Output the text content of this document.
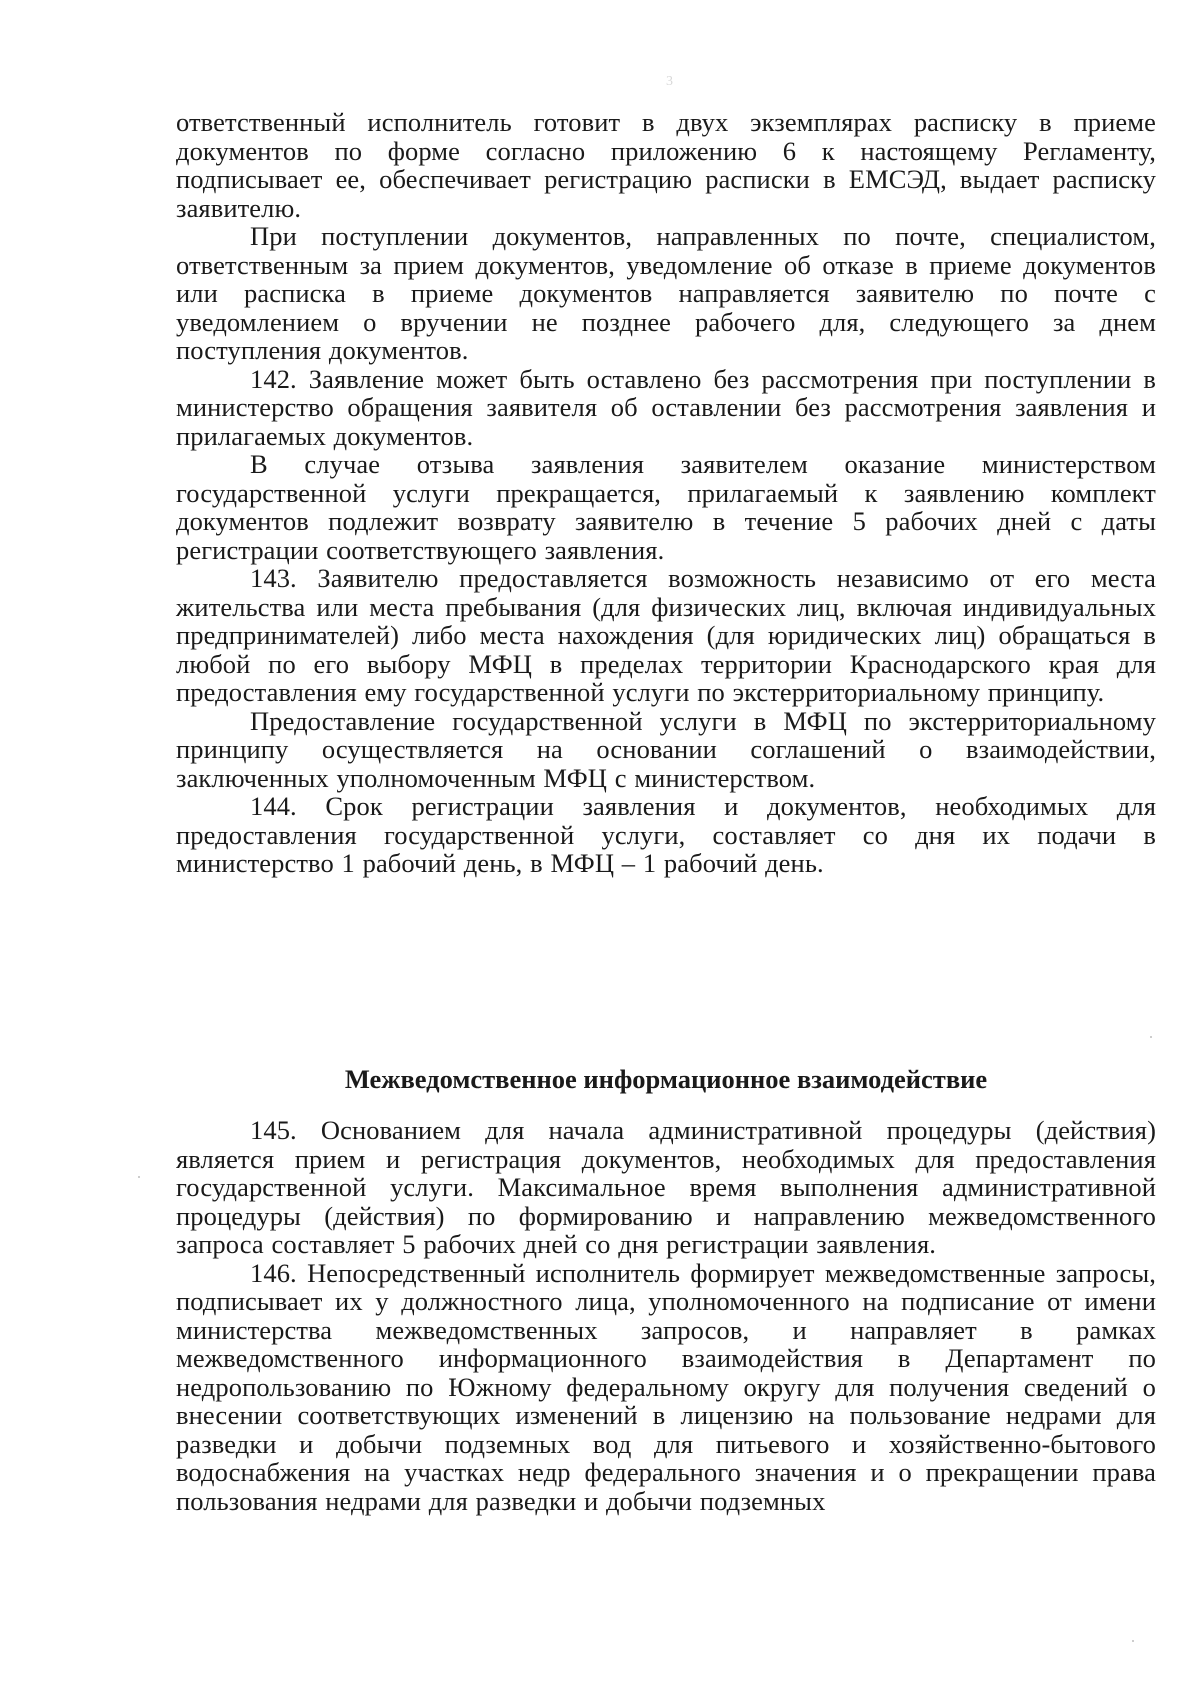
3

ответственный исполнитель готовит в двух экземплярах расписку в приеме документов по форме согласно приложению 6 к настоящему Регламенту, подписывает ее, обеспечивает регистрацию расписки в ЕМСЭД, выдает расписку заявителю.

При поступлении документов, направленных по почте, специалистом, ответственным за прием документов, уведомление об отказе в приеме документов или расписка в приеме документов направляется заявителю по почте с уведомлением о вручении не позднее рабочего для, следующего за днем поступления документов.

142. Заявление может быть оставлено без рассмотрения при поступлении в министерство обращения заявителя об оставлении без рассмотрения заявления и прилагаемых документов.

В случае отзыва заявления заявителем оказание министерством государственной услуги прекращается, прилагаемый к заявлению комплект документов подлежит возврату заявителю в течение 5 рабочих дней с даты регистрации соответствующего заявления.

143. Заявителю предоставляется возможность независимо от его места жительства или места пребывания (для физических лиц, включая индивидуальных предпринимателей) либо места нахождения (для юридических лиц) обращаться в любой по его выбору МФЦ в пределах территории Краснодарского края для предоставления ему государственной услуги по экстерриториальному принципу.

Предоставление государственной услуги в МФЦ по экстерриториальному принципу осуществляется на основании соглашений о взаимодействии, заключенных уполномоченным МФЦ с министерством.

144. Срок регистрации заявления и документов, необходимых для предоставления государственной услуги, составляет со дня их подачи в министерство 1 рабочий день, в МФЦ – 1 рабочий день.

Межведомственное информационное взаимодействие

145. Основанием для начала административной процедуры (действия) является прием и регистрация документов, необходимых для предоставления государственной услуги. Максимальное время выполнения административной процедуры (действия) по формированию и направлению межведомственного запроса составляет 5 рабочих дней со дня регистрации заявления.

146. Непосредственный исполнитель формирует межведомственные запросы, подписывает их у должностного лица, уполномоченного на подписание от имени министерства межведомственных запросов, и направляет в рамках межведомственного информационного взаимодействия в Департамент по недропользованию по Южному федеральному округу для получения сведений о внесении соответствующих изменений в лицензию на пользование недрами для разведки и добычи подземных вод для питьевого и хозяйственно-бытового водоснабжения на участках недр федерального значения и о прекращении права пользования недрами для разведки и добычи подземных
